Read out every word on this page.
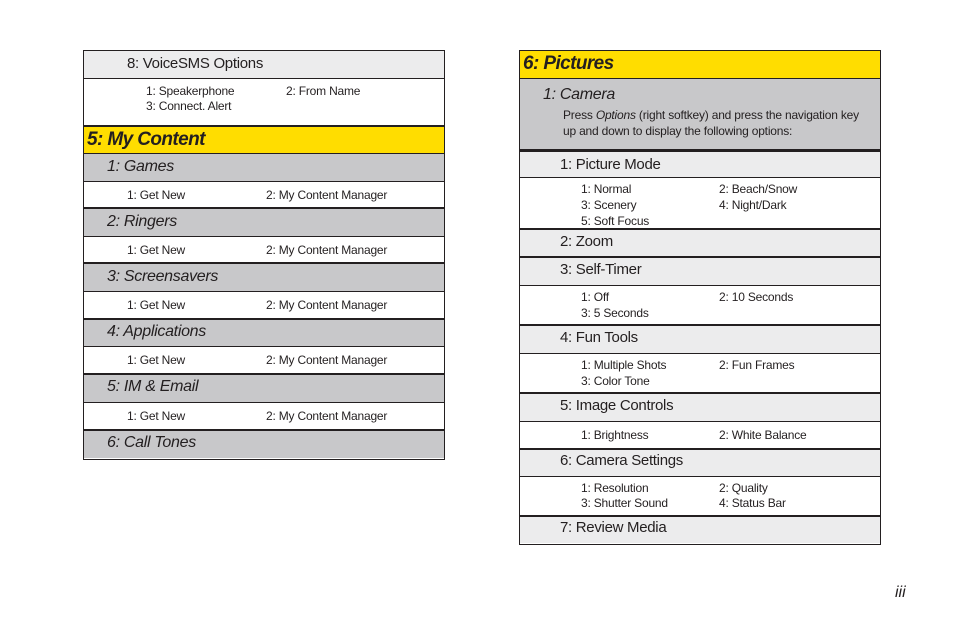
8: VoiceSMS Options
1: Speakerphone	2: From Name
3: Connect. Alert
5: My Content
1: Games
1: Get New	2: My Content Manager
2: Ringers
1: Get New	2: My Content Manager
3: Screensavers
1: Get New	2: My Content Manager
4: Applications
1: Get New	2: My Content Manager
5: IM & Email
1: Get New	2: My Content Manager
6: Call Tones
6: Pictures
1: Camera
Press Options (right softkey) and press the navigation key up and down to display the following options:
1: Picture Mode
1: Normal	2: Beach/Snow
3: Scenery	4: Night/Dark
5: Soft Focus
2: Zoom
3: Self-Timer
1: Off	2: 10 Seconds
3: 5 Seconds
4: Fun Tools
1: Multiple Shots	2: Fun Frames
3: Color Tone
5: Image Controls
1: Brightness	2: White Balance
6: Camera Settings
1: Resolution	2: Quality
3: Shutter Sound	4: Status Bar
7: Review Media
iii
